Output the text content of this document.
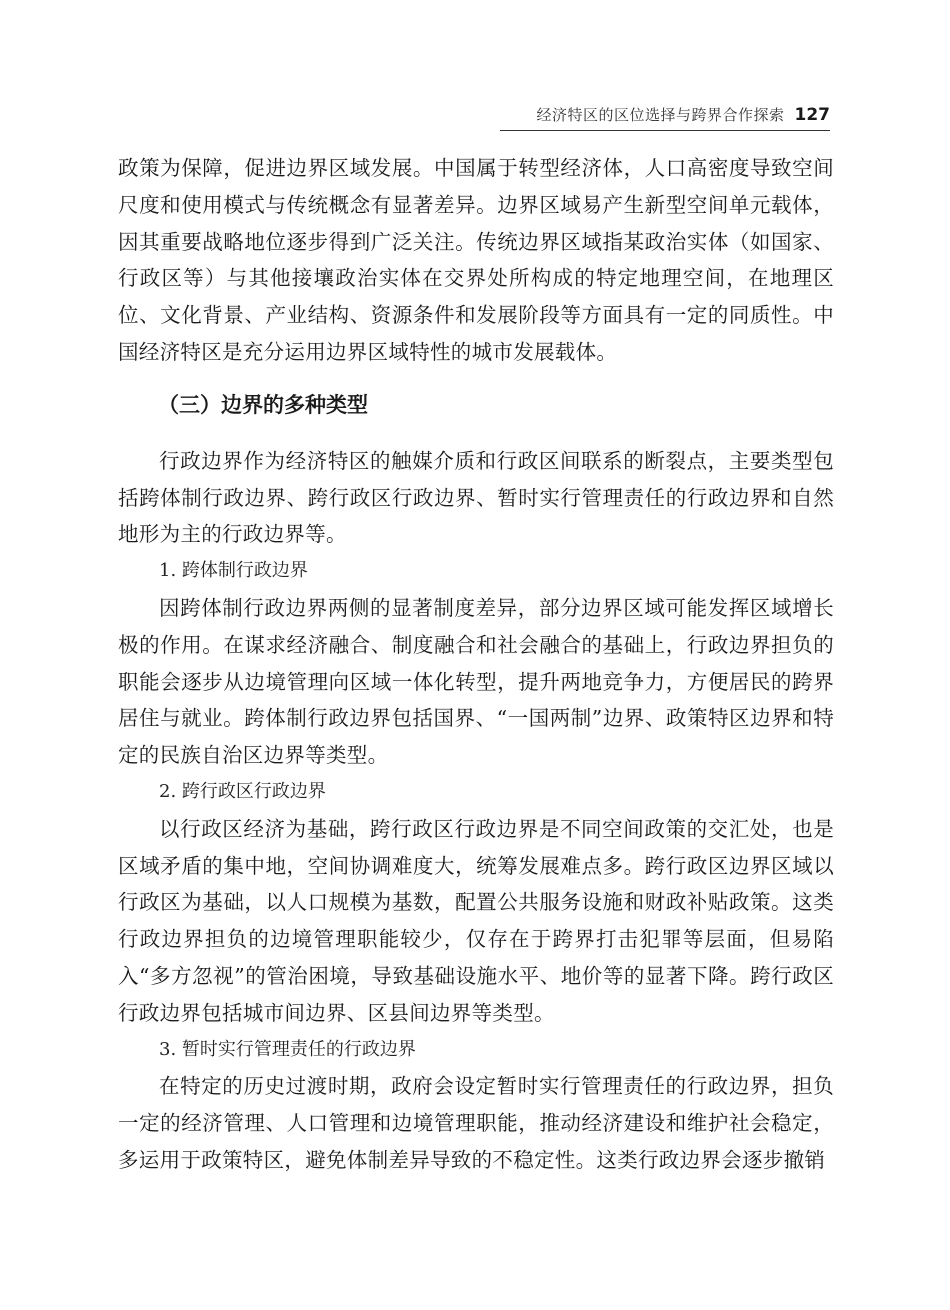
经济特区的区位选择与跨界合作探索 127

政策为保障，促进边界区域发展。中国属于转型经济体，人口高密度导致空间尺度和使用模式与传统概念有显著差异。边界区域易产生新型空间单元载体，因其重要战略地位逐步得到广泛关注。传统边界区域指某政治实体（如国家、行政区等）与其他接壤政治实体在交界处所构成的特定地理空间，在地理区位、文化背景、产业结构、资源条件和发展阶段等方面具有一定的同质性。中国经济特区是充分运用边界区域特性的城市发展载体。

（三）边界的多种类型

行政边界作为经济特区的触媒介质和行政区间联系的断裂点，主要类型包括跨体制行政边界、跨行政区行政边界、暂时实行管理责任的行政边界和自然地形为主的行政边界等。

1. 跨体制行政边界

因跨体制行政边界两侧的显著制度差异，部分边界区域可能发挥区域增长极的作用。在谋求经济融合、制度融合和社会融合的基础上，行政边界担负的职能会逐步从边境管理向区域一体化转型，提升两地竞争力，方便居民的跨界居住与就业。跨体制行政边界包括国界、“一国两制”边界、政策特区边界和特定的民族自治区边界等类型。

2. 跨行政区行政边界

以行政区经济为基础，跨行政区行政边界是不同空间政策的交汇处，也是区域矛盾的集中地，空间协调难度大，统筹发展难点多。跨行政区边界区域以行政区为基础，以人口规模为基数，配置公共服务设施和财政补贴政策。这类行政边界担负的边境管理职能较少，仅存在于跨界打击犯罪等层面，但易陷入“多方忽视”的管治困境，导致基础设施水平、地价等的显著下降。跨行政区行政边界包括城市间边界、区县间边界等类型。

3. 暂时实行管理责任的行政边界

在特定的历史过渡时期，政府会设定暂时实行管理责任的行政边界，担负一定的经济管理、人口管理和边境管理职能，推动经济建设和维护社会稳定，多运用于政策特区，避免体制差异导致的不稳定性。这类行政边界会逐步撤销
